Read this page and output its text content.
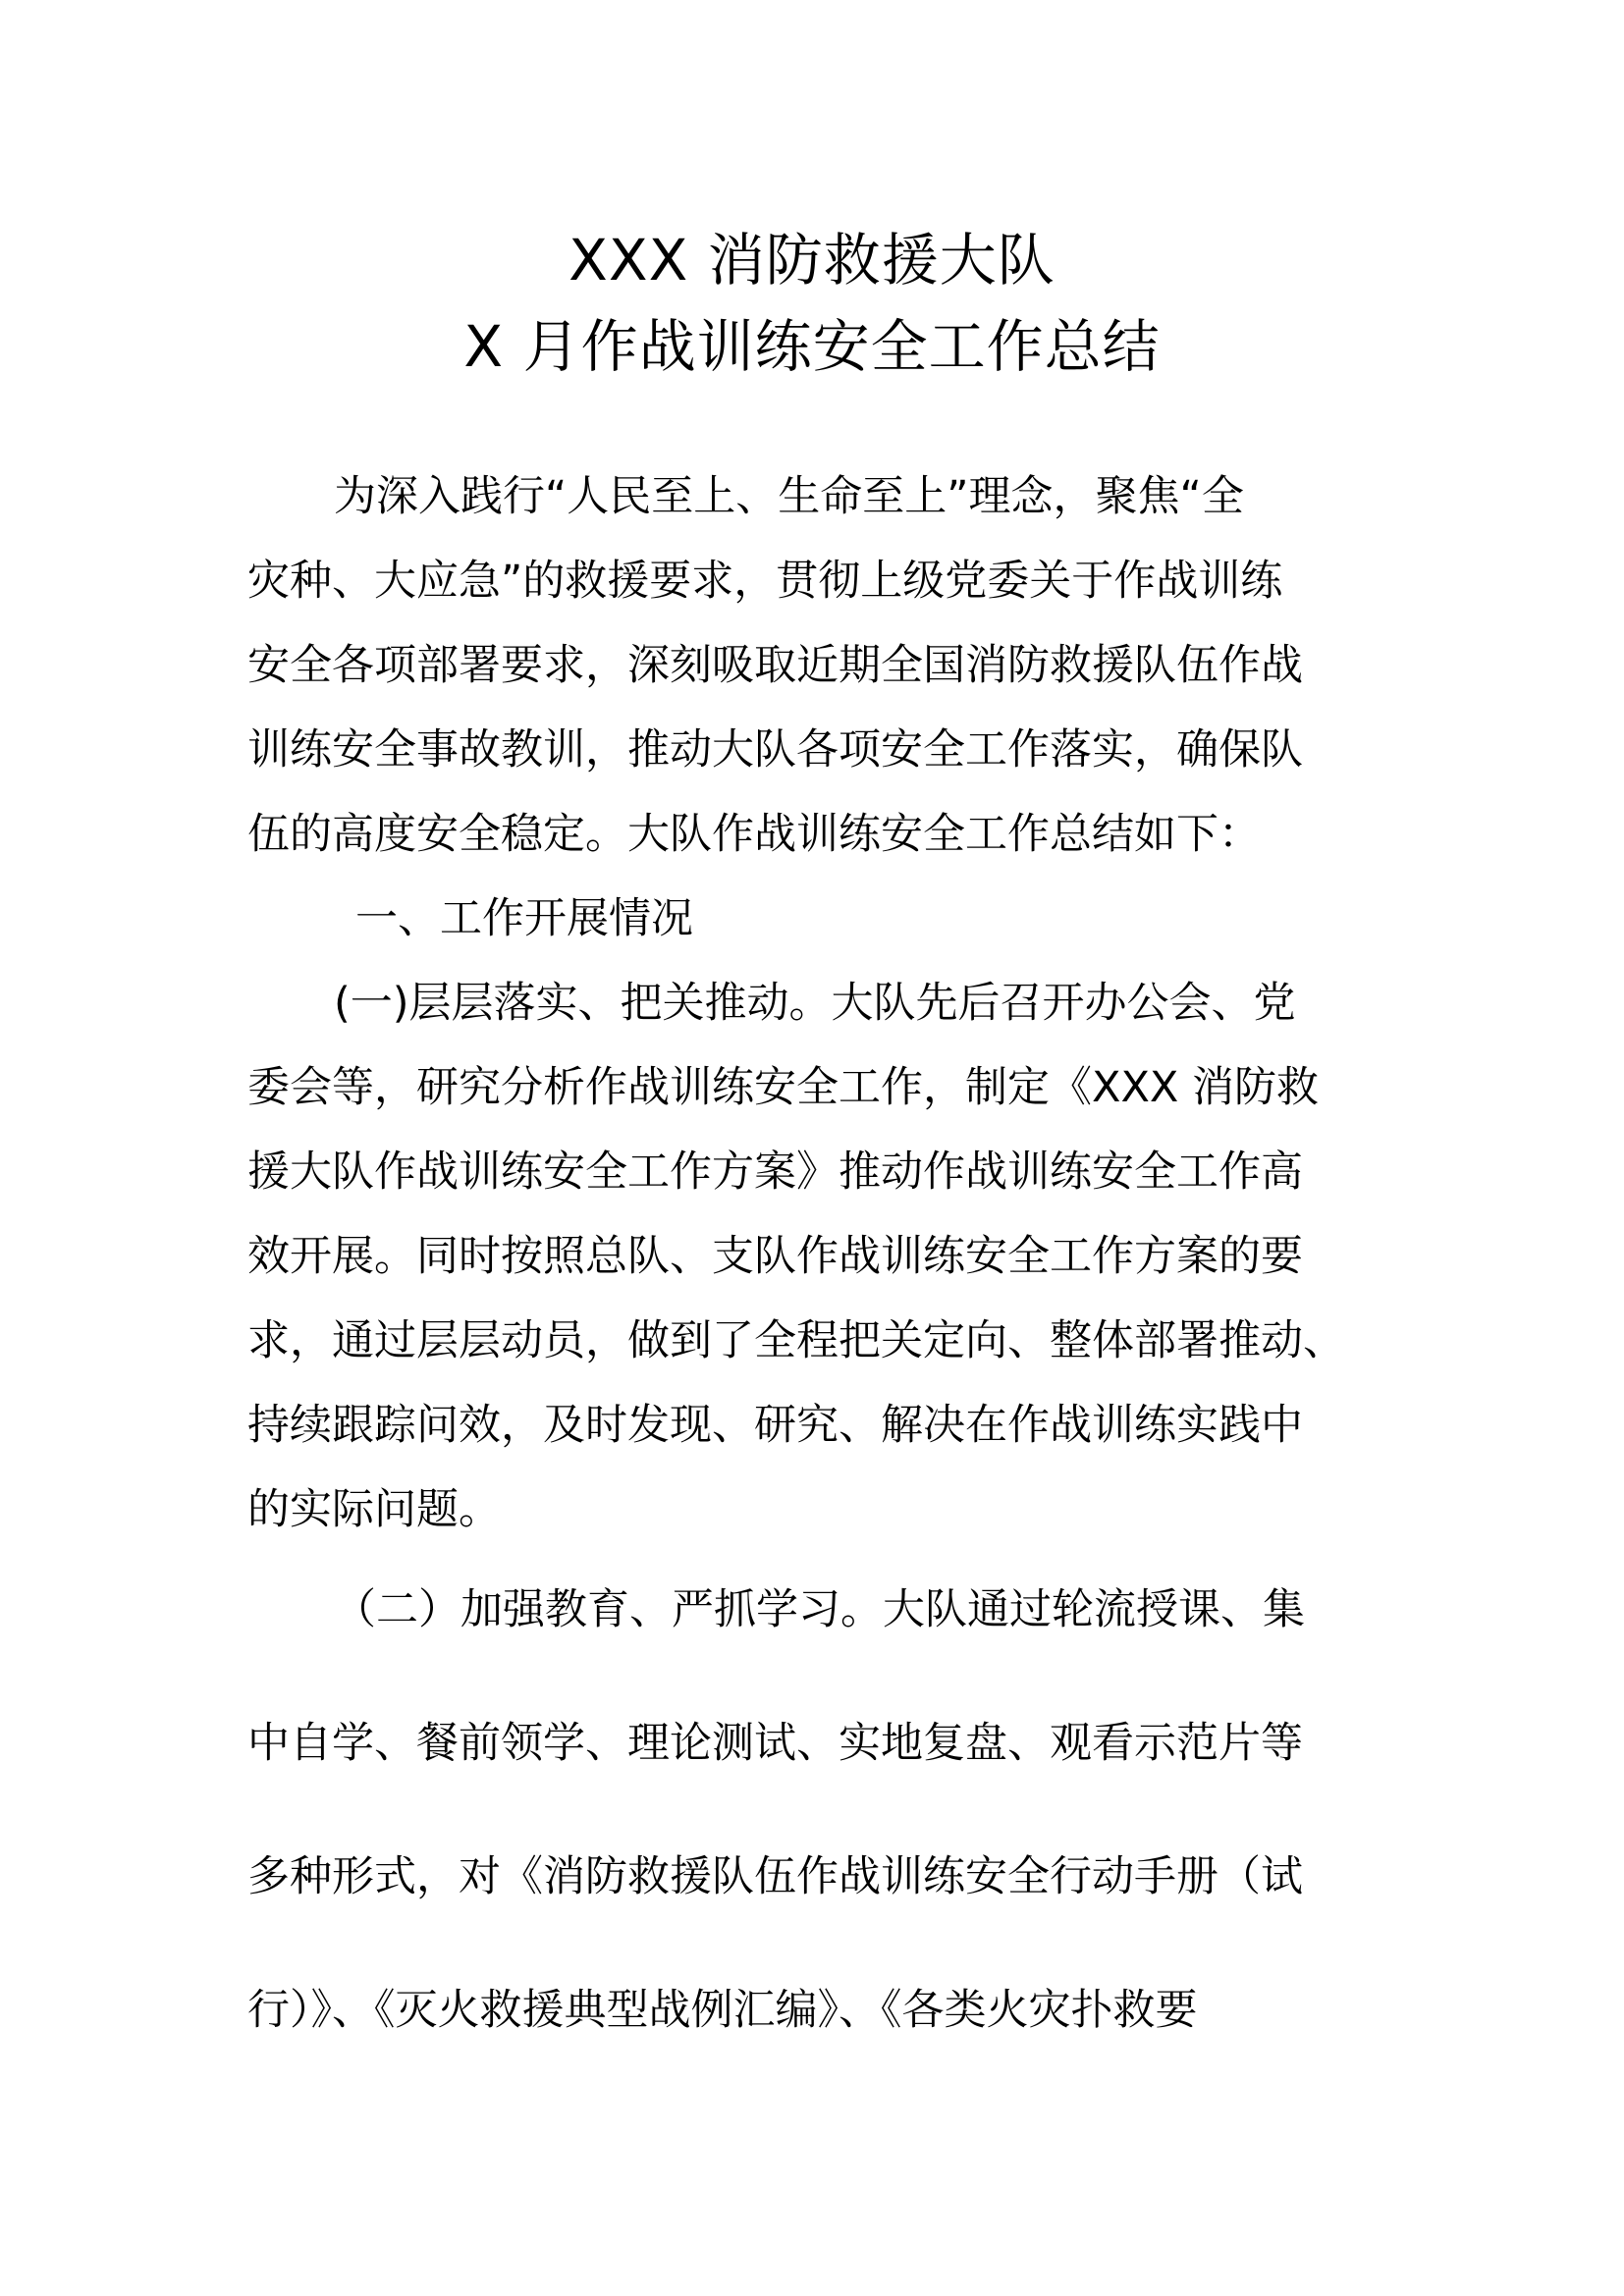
XXX 消防救援大队
X 月作战训练安全工作总结
为深入践行“人民至上、生命至上”理念，聚焦“全
灾种、大应急”的救援要求，贯彻上级党委关于作战训练
安全各项部署要求，深刻吸取近期全国消防救援队伍作战
训练安全事故教训，推动大队各项安全工作落实，确保队
伍的高度安全稳定。大队作战训练安全工作总结如下：
一、工作开展情况
(一)层层落实、把关推动。大队先后召开办公会、党
委会等，研究分析作战训练安全工作，制定《XXX 消防救
援大队作战训练安全工作方案》推动作战训练安全工作高
效开展。同时按照总队、支队作战训练安全工作方案的要
求，通过层层动员，做到了全程把关定向、整体部署推动、
持续跟踪问效，及时发现、研究、解决在作战训练实践中
的实际问题。
（二）加强教育、严抓学习。大队通过轮流授课、集
中自学、餐前领学、理论测试、实地复盘、观看示范片等
多种形式，对《消防救援队伍作战训练安全行动手册（试
行）》、《灭火救援典型战例汇编》、《各类火灾扑救要
